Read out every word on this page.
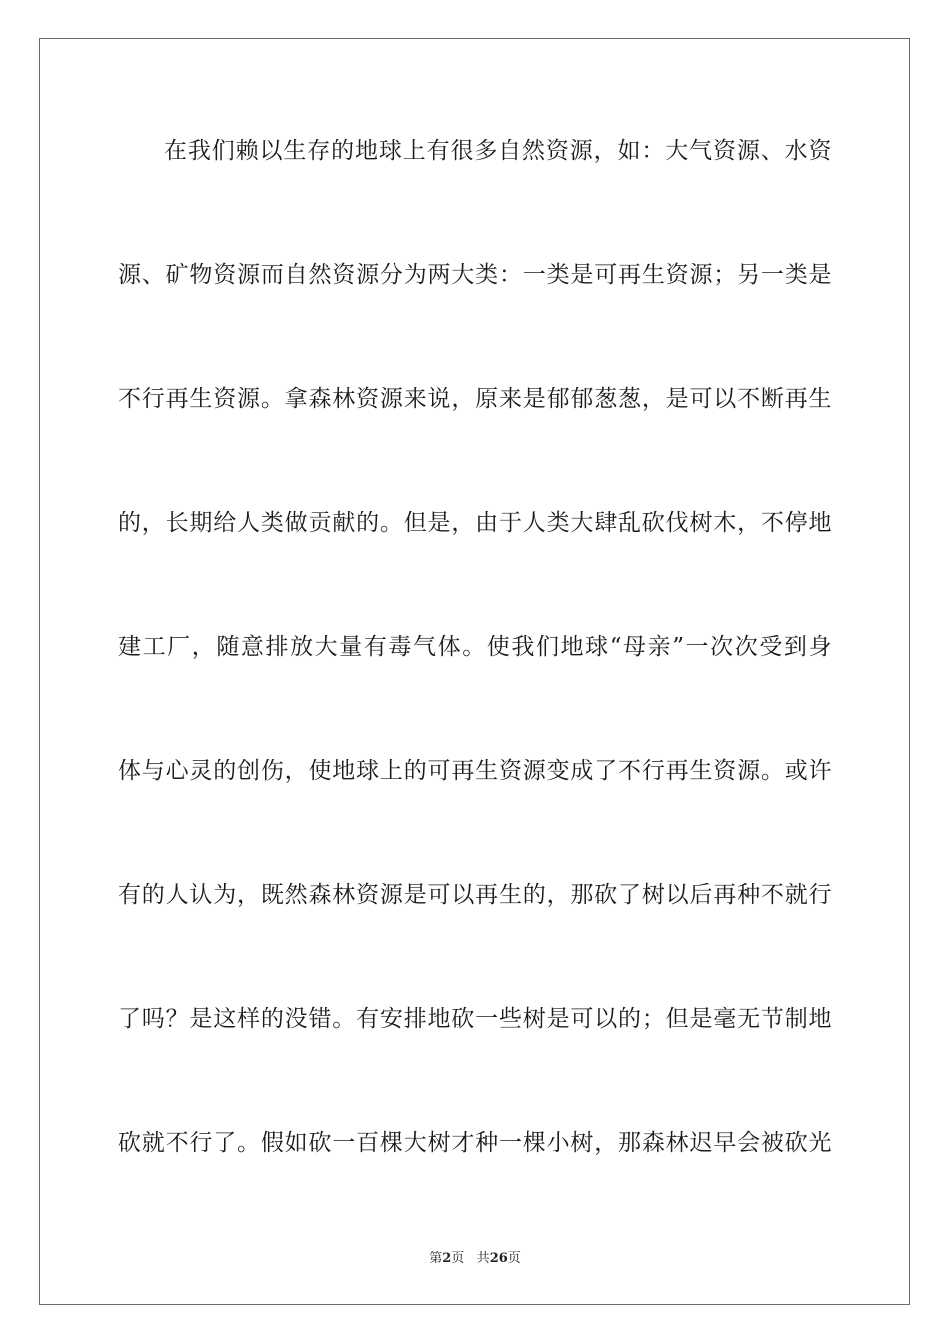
在我们赖以生存的地球上有很多自然资源，如：大气资源、水资
源、矿物资源而自然资源分为两大类：一类是可再生资源；另一类是
不行再生资源。拿森林资源来说，原来是郁郁葱葱，是可以不断再生
的，长期给人类做贡献的。但是，由于人类大肆乱砍伐树木，不停地
建工厂，随意排放大量有毒气体。使我们地球“母亲”一次次受到身
体与心灵的创伤，使地球上的可再生资源变成了不行再生资源。或许
有的人认为，既然森林资源是可以再生的，那砍了树以后再种不就行
了吗？是这样的没错。有安排地砍一些树是可以的；但是毫无节制地
砍就不行了。假如砍一百棵大树才种一棵小树，那森林迟早会被砍光
第2页 共26页
